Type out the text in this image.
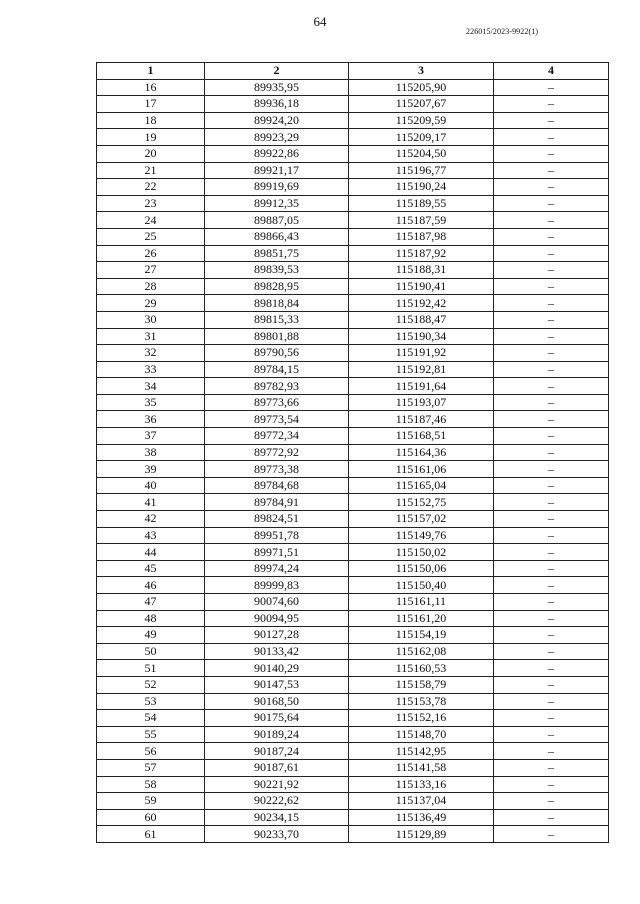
64
226015/2023-9922(1)
1	2	3	4
16	89935,95	115205,90	–
17	89936,18	115207,67	–
18	89924,20	115209,59	–
19	89923,29	115209,17	–
20	89922,86	115204,50	–
21	89921,17	115196,77	–
22	89919,69	115190,24	–
23	89912,35	115189,55	–
24	89887,05	115187,59	–
25	89866,43	115187,98	–
26	89851,75	115187,92	–
27	89839,53	115188,31	–
28	89828,95	115190,41	–
29	89818,84	115192,42	–
30	89815,33	115188,47	–
31	89801,88	115190,34	–
32	89790,56	115191,92	–
33	89784,15	115192,81	–
34	89782,93	115191,64	–
35	89773,66	115193,07	–
36	89773,54	115187,46	–
37	89772,34	115168,51	–
38	89772,92	115164,36	–
39	89773,38	115161,06	–
40	89784,68	115165,04	–
41	89784,91	115152,75	–
42	89824,51	115157,02	–
43	89951,78	115149,76	–
44	89971,51	115150,02	–
45	89974,24	115150,06	–
46	89999,83	115150,40	–
47	90074,60	115161,11	–
48	90094,95	115161,20	–
49	90127,28	115154,19	–
50	90133,42	115162,08	–
51	90140,29	115160,53	–
52	90147,53	115158,79	–
53	90168,50	115153,78	–
54	90175,64	115152,16	–
55	90189,24	115148,70	–
56	90187,24	115142,95	–
57	90187,61	115141,58	–
58	90221,92	115133,16	–
59	90222,62	115137,04	–
60	90234,15	115136,49	–
61	90233,70	115129,89	–
